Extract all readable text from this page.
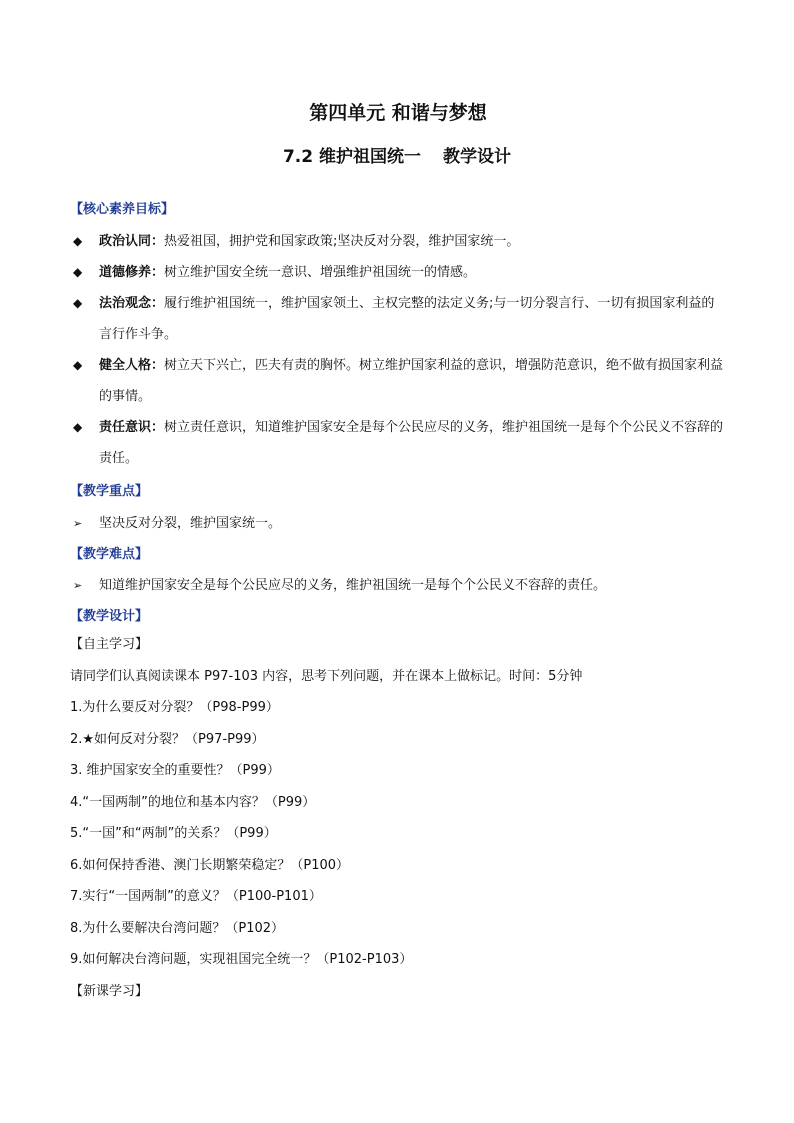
第四单元 和谐与梦想
7.2 维护祖国统一 教学设计
【核心素养目标】
◆	政治认同：热爱祖国，拥护党和国家政策;坚决反对分裂，维护国家统一。
◆	道德修养：树立维护国安全统一意识、增强维护祖国统一的情感。
◆	法治观念：履行维护祖国统一，维护国家领土、主权完整的法定义务;与一切分裂言行、一切有损国家利益的言行作斗争。
◆	健全人格：树立天下兴亡，匹夫有责的胸怀。树立维护国家利益的意识，增强防范意识，绝不做有损国家利益的事情。
◆	责任意识：树立责任意识，知道维护国家安全是每个公民应尽的义务，维护祖国统一是每个个公民义不容辞的责任。
【教学重点】
➢ 坚决反对分裂，维护国家统一。
【教学难点】
➢ 知道维护国家安全是每个公民应尽的义务，维护祖国统一是每个个公民义不容辞的责任。
【教学设计】
【自主学习】
请同学们认真阅读课本 P97-103 内容，思考下列问题，并在课本上做标记。时间：5分钟
1.为什么要反对分裂？（P98-P99）
2.★如何反对分裂？（P97-P99）
3. 维护国家安全的重要性？（P99）
4.“一国两制”的地位和基本内容？（P99）
5.“一国”和“两制”的关系？（P99）
6.如何保持香港、澳门长期繁荣稳定？（P100）
7.实行“一国两制”的意义？（P100-P101）
8.为什么要解决台湾问题？（P102）
9.如何解决台湾问题，实现祖国完全统一？（P102-P103）
【新课学习】
